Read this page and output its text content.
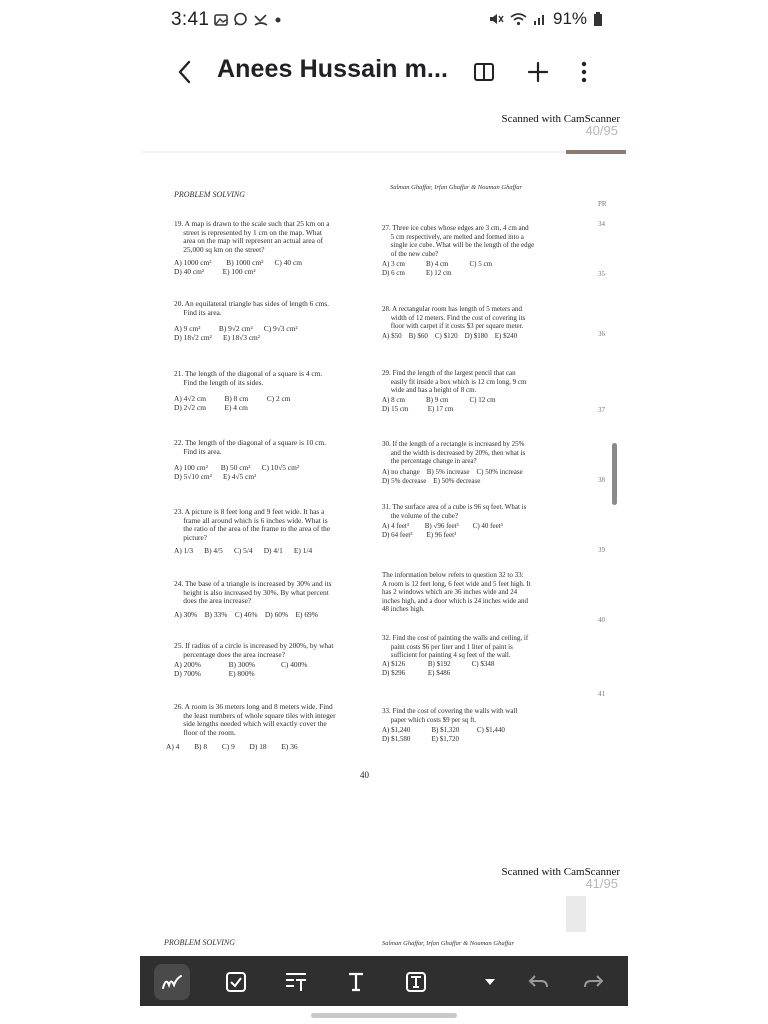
3:41	91%
Anees Hussain m...
Scanned with CamScanner
40/95
PROBLEM SOLVING
Salman Ghaffar, Irfan Ghaffar & Nouman Ghaffar
19. A map is drawn to the scale such that 25 km on a
street is represented by 1 cm on the map. What
area on the map will represent an actual area of
25,000 sq km on the street?
A) 1000 cm²        B) 1000 cm²      C) 40 cm
D) 40 cm²          E) 100 cm²
20. An equilateral triangle has sides of length 6 cms.
Find its area.
A) 9 cm²          B) 9√2 cm²      C) 9√3 cm²
D) 18√2 cm²      E) 18√3 cm²
21. The length of the diagonal of a square is 4 cm.
Find the length of its sides.
A) 4√2 cm          B) 8 cm          C) 2 cm
D) 2√2 cm          E) 4 cm
22. The length of the diagonal of a square is 10 cm.
Find its area.
A) 100 cm²       B) 50 cm²      C) 10√5 cm²
D) 5√10 cm²      E) 4√5 cm²
23. A picture is 8 feet long and 9 feet wide. It has a
frame all around which is 6 inches wide. What is
the ratio of the area of the frame to the area of the
picture?
A) 1/3      B) 4/5      C) 5/4      D) 4/1      E) 1/4
24. The base of a triangle is increased by 30% and its
height is also increased by 30%. By what percent
does the area increase?
A) 30%    B) 33%    C) 46%    D) 60%    E) 69%
25. If radius of a circle is increased by 200%, by what
percentage does the area increase?
A) 200%               B) 300%              C) 400%
D) 700%               E) 800%
26. A room is 36 meters long and 8 meters wide. Find
the least numbers of whole square tiles with integer
side lengths needed which will exactly cover the
floor of the room.
A) 4        B) 8        C) 9        D) 18        E) 36
27. Three ice cubes whose edges are 3 cm, 4 cm and
5 cm respectively, are melted and formed into a
single ice cube. What will be the length of the edge
of the new cube?
A) 3 cm            B) 4 cm            C) 5 cm
D) 6 cm            E) 12 cm
28. A rectangular room has length of 5 meters and
width of 12 meters. Find the cost of covering its
floor with carpet if it costs $3 per square meter.
A) $50    B) $60    C) $120    D) $180    E) $240
29. Find the length of the largest pencil that can
easily fit inside a box which is 12 cm long, 9 cm
wide and has a height of 8 cm.
A) 8 cm            B) 9 cm            C) 12 cm
D) 15 cm           E) 17 cm
30. If the length of a rectangle is increased by 25%
and the width is decreased by 20%, then what is
the percentage change in area?
A) no change    B) 5% increase    C) 50% increase
D) 5% decrease    E) 50% decrease
31. The surface area of a cube is 96 sq feet. What is
the volume of the cube?
A) 4 feet³         B) √96 feet³        C) 40 feet³
D) 64 feet³        E) 96 feet³
The information below refers to question 32 to 33:
A room is 12 feet long, 6 feet wide and 5 feet high. It
has 2 windows which are 36 inches wide and 24
inches high, and a door which is 24 inches wide and
48 inches high.
32. Find the cost of painting the walls and ceiling, if
paint costs $6 per liter and 1 liter of paint is
sufficient for painting 4 sq feet of the wall.
A) $126             B) $192            C) $348
D) $296             E) $486
33. Find the cost of covering the walls with wall
paper which costs $9 per sq ft.
A) $1,240            B) $1,320          C) $1,440
D) $1,580            E) $1,720
40
PR
34
35
36
37
38
39
40
41
Scanned with CamScanner
41/95
PROBLEM SOLVING	Salman Ghaffar, Irfan Ghaffar & Nouman Ghaffar
